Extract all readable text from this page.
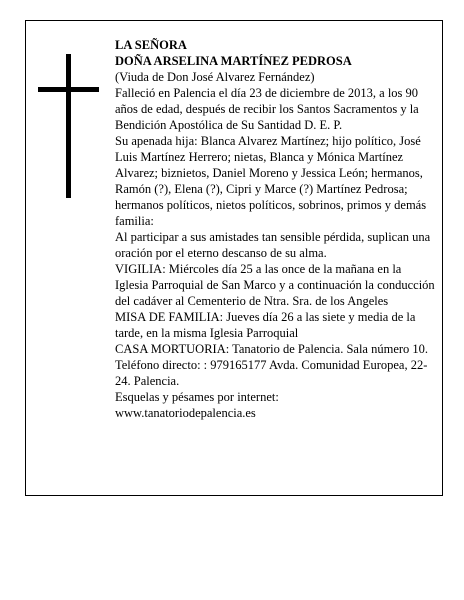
LA SEÑORA

DOÑA ARSELINA MARTÍNEZ PEDROSA

(Viuda de Don José Alvarez Fernández)

Falleció en Palencia el día 23 de diciembre de 2013, a los 90 años de edad, después de recibir los Santos Sacramentos y la Bendición Apostólica de Su Santidad D. E. P.

Su apenada hija: Blanca Alvarez Martínez; hijo político, José Luis Martínez Herrero; nietas, Blanca y Mónica Martínez Alvarez; biznietos, Daniel Moreno y Jessica León; hermanos, Ramón (?), Elena (?), Cipri y Marce (?) Martínez Pedrosa; hermanos políticos, nietos políticos, sobrinos, primos y demás familia:

Al participar a sus amistades tan sensible pérdida, suplican una oración por el eterno descanso de su alma.

VIGILIA: Miércoles día 25 a las once de la mañana en la Iglesia Parroquial de San Marco y a continuación la conducción del cadáver al Cementerio de Ntra. Sra. de los Angeles

MISA DE FAMILIA: Jueves día 26 a las siete y media de la tarde, en la misma Iglesia Parroquial

CASA MORTUORIA: Tanatorio de Palencia. Sala número 10. Teléfono directo: : 979165177 Avda. Comunidad Europea, 22-24. Palencia.

Esquelas y pésames por internet:

www.tanatoriodepalencia.es
